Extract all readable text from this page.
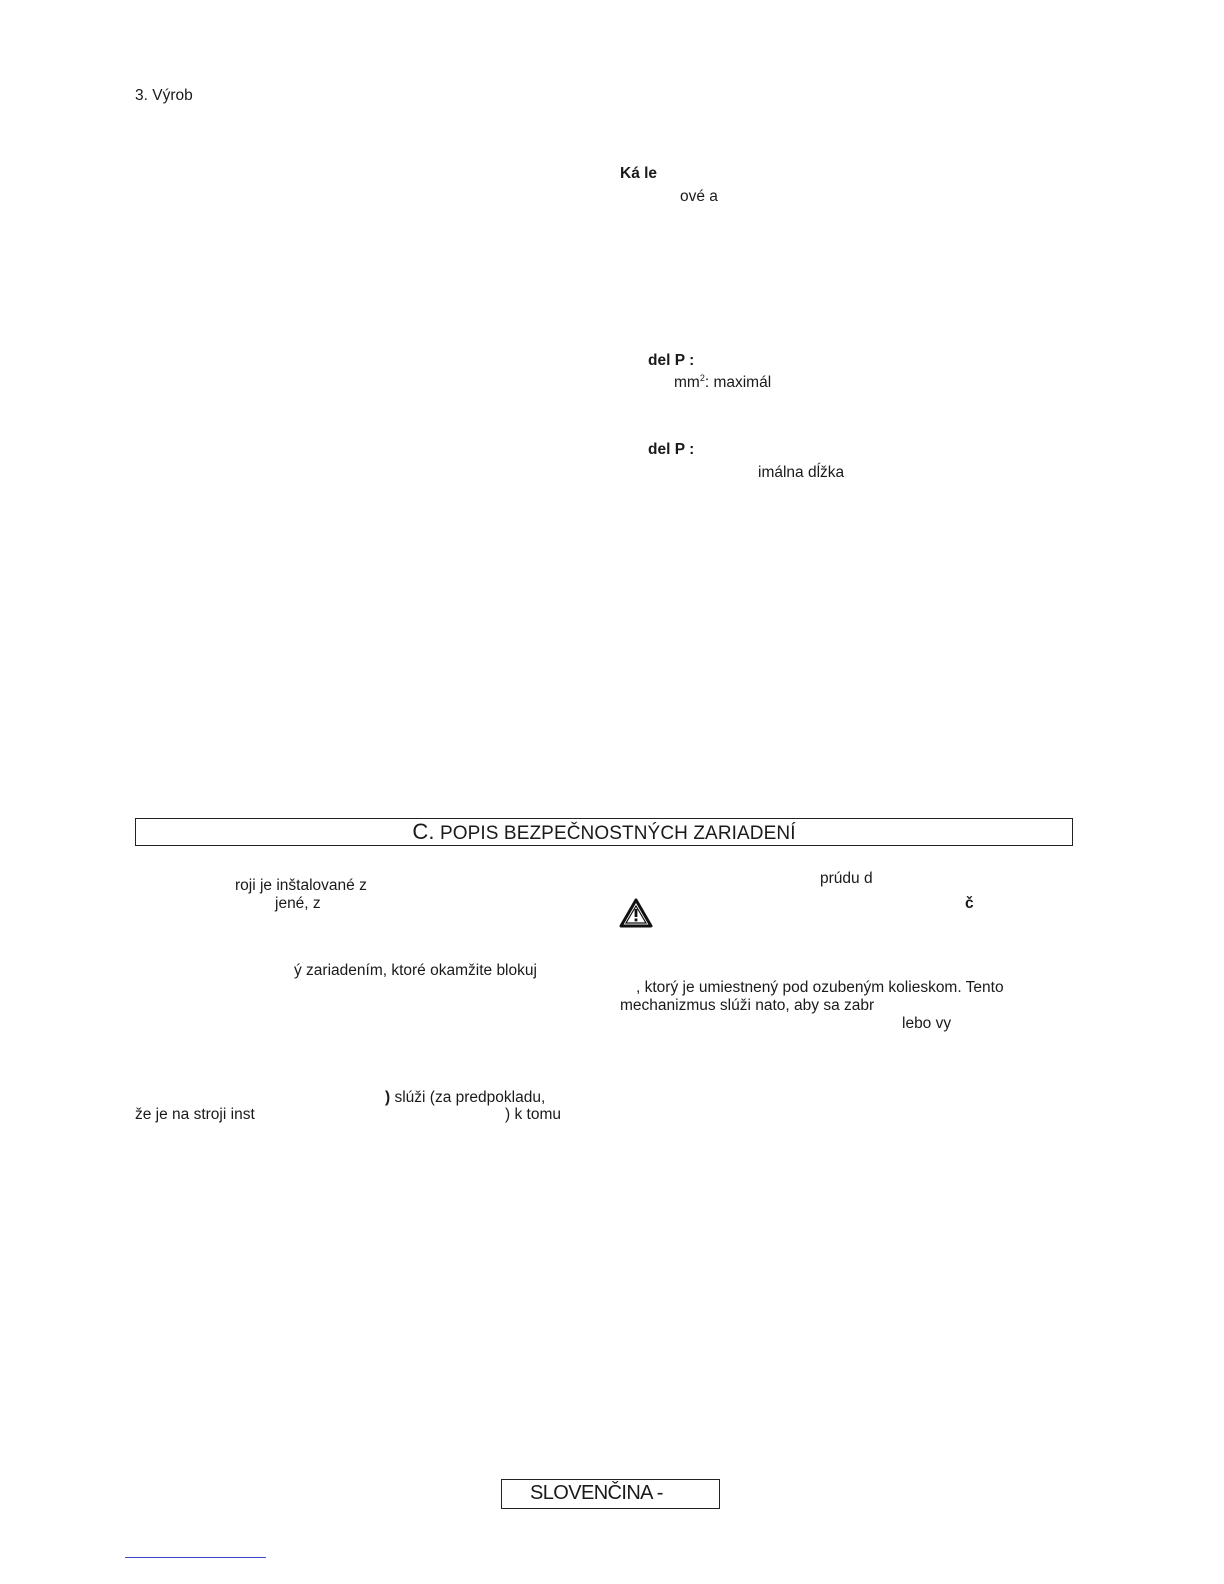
3. Výrob
Ká le
ové a
del P :
$mm^2$: maximál
del P :
imálna dĺžka
C. POPIS BEZPEČNOSTNÝCH ZARIADENÍ
roji je inštalované z
jené, z
ý zariadením, ktoré okamžite blokuj
) slúži (za predpokladu,
že je na stroji inst	) k tomu
prúdu d
č
, ktorý je umiestnený pod ozubeným kolieskom. Tento
mechanizmus slúži nato, aby sa zabr
lebo vy
SLOVENČINA -
